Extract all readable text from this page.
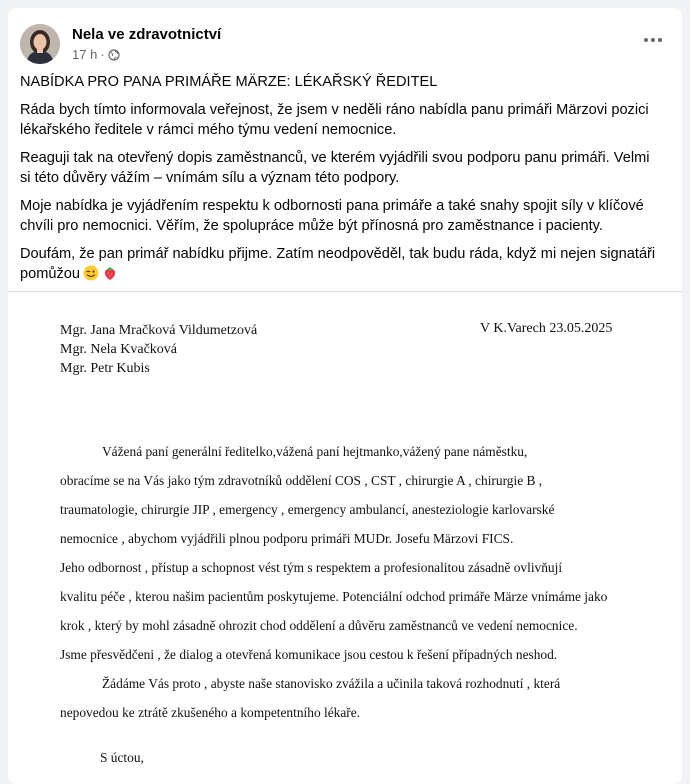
Nela ve zdravotnictví
17 h ·

NABÍDKA PRO PANA PRIMÁŘE MÄRZE: LÉKAŘSKÝ ŘEDITEL

Ráda bych tímto informovala veřejnost, že jsem v neděli ráno nabídla panu primáři Märzovi pozici
lékařského ředitele v rámci mého týmu vedení nemocnice.

Reaguji tak na otevřený dopis zaměstnanců, ve kterém vyjádřili svou podporu panu primáři. Velmi
si této důvěry vážím – vnímám sílu a význam této podpory.

Moje nabídka je vyjádřením respektu k odbornosti pana primáře a také snahy spojit síly v klíčové
chvíli pro nemocnici. Věřím, že spolupráce může být přínosná pro zaměstnance i pacienty.

Doufám, že pan primář nabídku přijme. Zatím neodpověděl, tak budu ráda, když mi nejen signatáři
pomůžou

Mgr. Jana Mračková Vildumetzová
Mgr. Nela Kvačková
Mgr. Petr Kubis
V K.Varech 23.05.2025
Vážená paní generální ředitelko,vážená paní hejtmanko,vážený pane náměstku,
obracíme se na Vás jako tým zdravotníků oddělení COS , CST , chirurgie A , chirurgie B ,
traumatologie, chirurgie JIP , emergency , emergency ambulancí, anesteziologie karlovarské
nemocnice , abychom vyjádřili plnou podporu primáři MUDr. Josefu Märzovi FICS.
Jeho odbornost , přístup a schopnost vést tým s respektem a profesionalitou zásadně ovlivňují
kvalitu péče , kterou našim pacientům poskytujeme. Potenciální odchod primáře Märze vnímáme jako
krok , který by mohl zásadně ohrozit chod oddělení a důvěru zaměstnanců ve vedení nemocnice.
Jsme přesvědčeni , že dialog a otevřená komunikace jsou cestou k řešení případných neshod.
Žádáme Vás proto , abyste naše stanovisko zvážila a učinila taková rozhodnutí , která
nepovedou ke ztrátě zkušeného a kompetentního lékaře.
S úctou,
